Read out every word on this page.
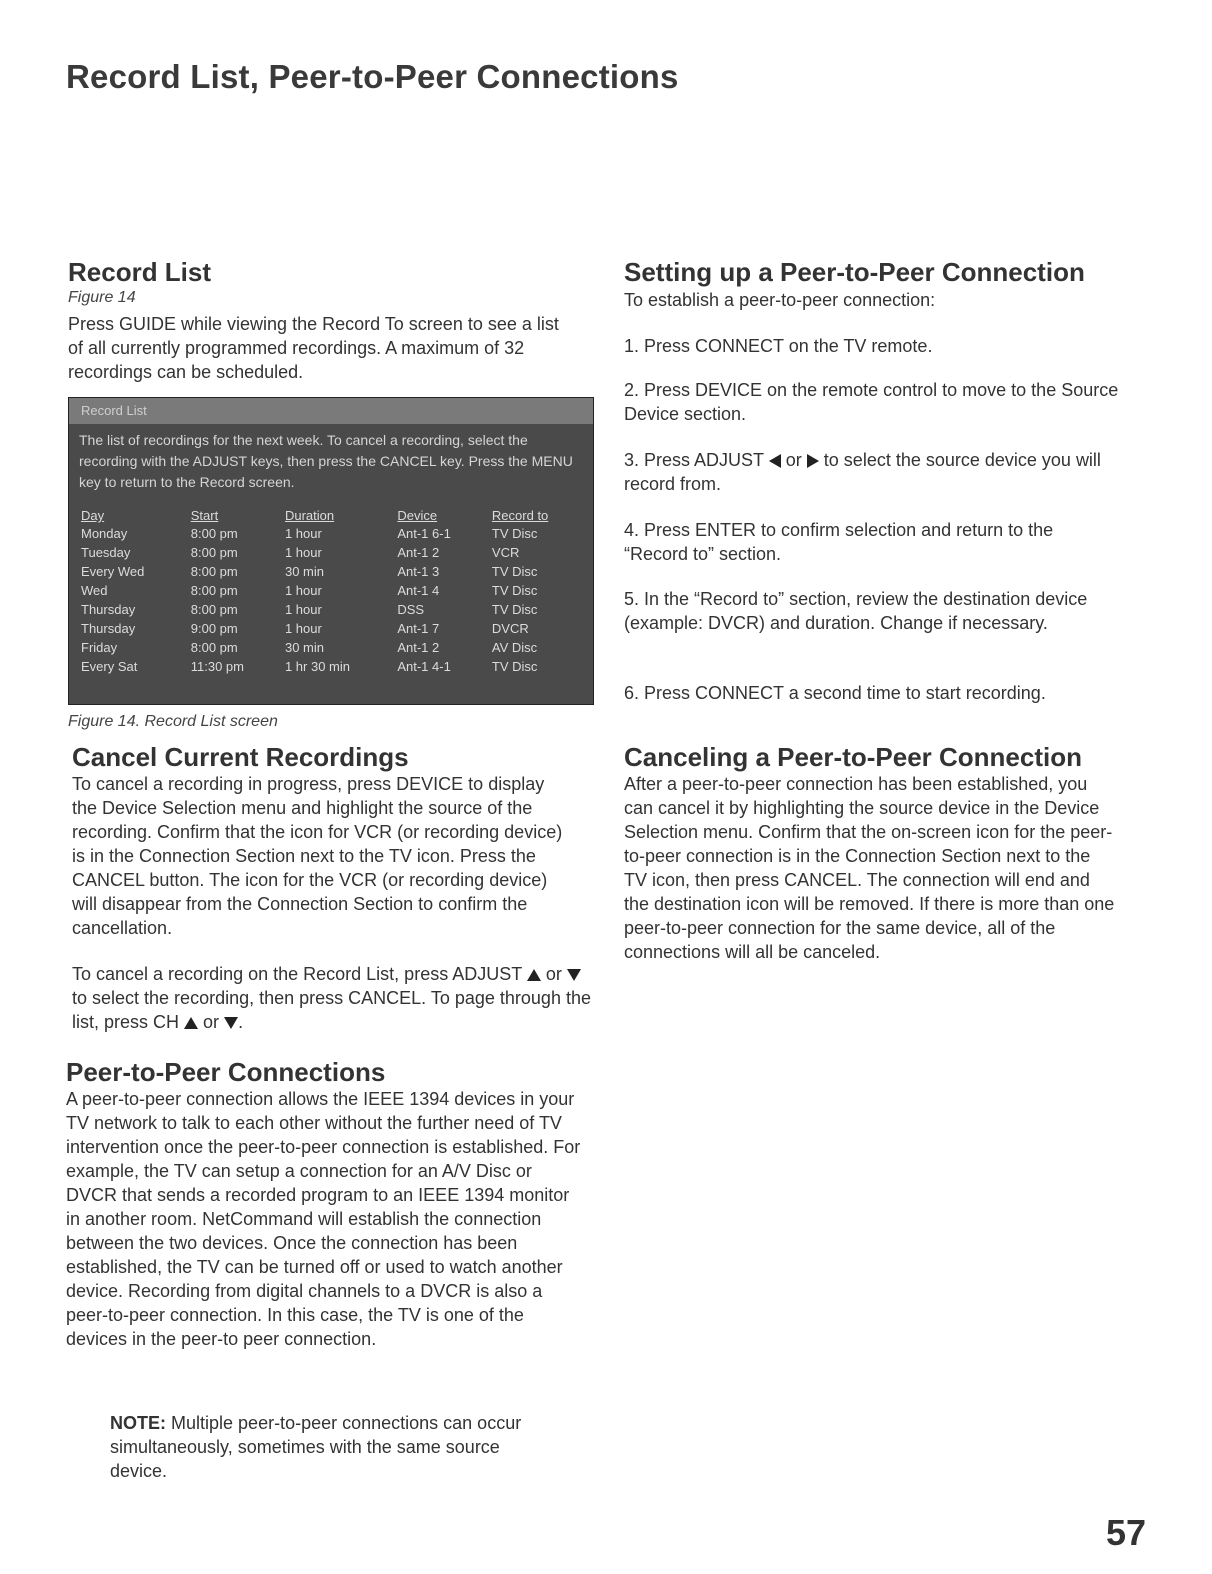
Record List, Peer-to-Peer Connections
Record List

Figure 14

Press GUIDE while viewing the Record To screen to see a list of all currently programmed recordings. A maximum of 32 recordings can be scheduled.

Record List
The list of recordings for the next week. To cancel a recording, select the recording with the ADJUST keys, then press the CANCEL key. Press the MENU key to return to the Record screen.
Day	Start	Duration	Device	Record to
Monday	8:00 pm	1 hour	Ant-1 6-1	TV Disc
Tuesday	8:00 pm	1 hour	Ant-1 2	VCR
Every Wed	8:00 pm	30 min	Ant-1 3	TV Disc
Wed	8:00 pm	1 hour	Ant-1 4	TV Disc
Thursday	8:00 pm	1 hour	DSS	TV Disc
Thursday	9:00 pm	1 hour	Ant-1 7	DVCR
Friday	8:00 pm	30 min	Ant-1 2	AV Disc
Every Sat	11:30 pm	1 hr 30 min	Ant-1 4-1	TV Disc

Figure 14. Record List screen

Cancel Current Recordings

To cancel a recording in progress, press DEVICE to display the Device Selection menu and highlight the source of the recording. Confirm that the icon for VCR (or recording device) is in the Connection Section next to the TV icon. Press the CANCEL button. The icon for the VCR (or recording device) will disappear from the Connection Section to confirm the cancellation.

To cancel a recording on the Record List, press ADJUST or  to select the recording, then press CANCEL. To page through the list, press CH or .

Peer-to-Peer Connections

A peer-to-peer connection allows the IEEE 1394 devices in your TV network to talk to each other without the further need of TV intervention once the peer-to-peer connection is established. For example, the TV can setup a connection for an A/V Disc or DVCR that sends a recorded program to an IEEE 1394 monitor in another room. NetCommand will establish the connection between the two devices. Once the connection has been established, the TV can be turned off or used to watch another device. Recording from digital channels to a DVCR is also a peer-to-peer connection. In this case, the TV is one of the devices in the peer-to peer connection.

NOTE: Multiple peer-to-peer connections can occur simultaneously, sometimes with the same source device.

Setting up a Peer-to-Peer Connection

To establish a peer-to-peer connection:

1. Press CONNECT on the TV remote.

2. Press DEVICE on the remote control to move to the Source Device section.

3. Press ADJUST or to select the source device you will record from.

4. Press ENTER to confirm selection and return to the “Record to” section.

5. In the “Record to” section, review the destination device (example: DVCR) and duration. Change if necessary.

6. Press CONNECT a second time to start recording.

Canceling a Peer-to-Peer Connection

After a peer-to-peer connection has been established, you can cancel it by highlighting the source device in the Device Selection menu. Confirm that the on-screen icon for the peer-to-peer connection is in the Connection Section next to the TV icon, then press CANCEL. The connection will end and the destination icon will be removed. If there is more than one peer-to-peer connection for the same device, all of the connections will all be canceled.

57
